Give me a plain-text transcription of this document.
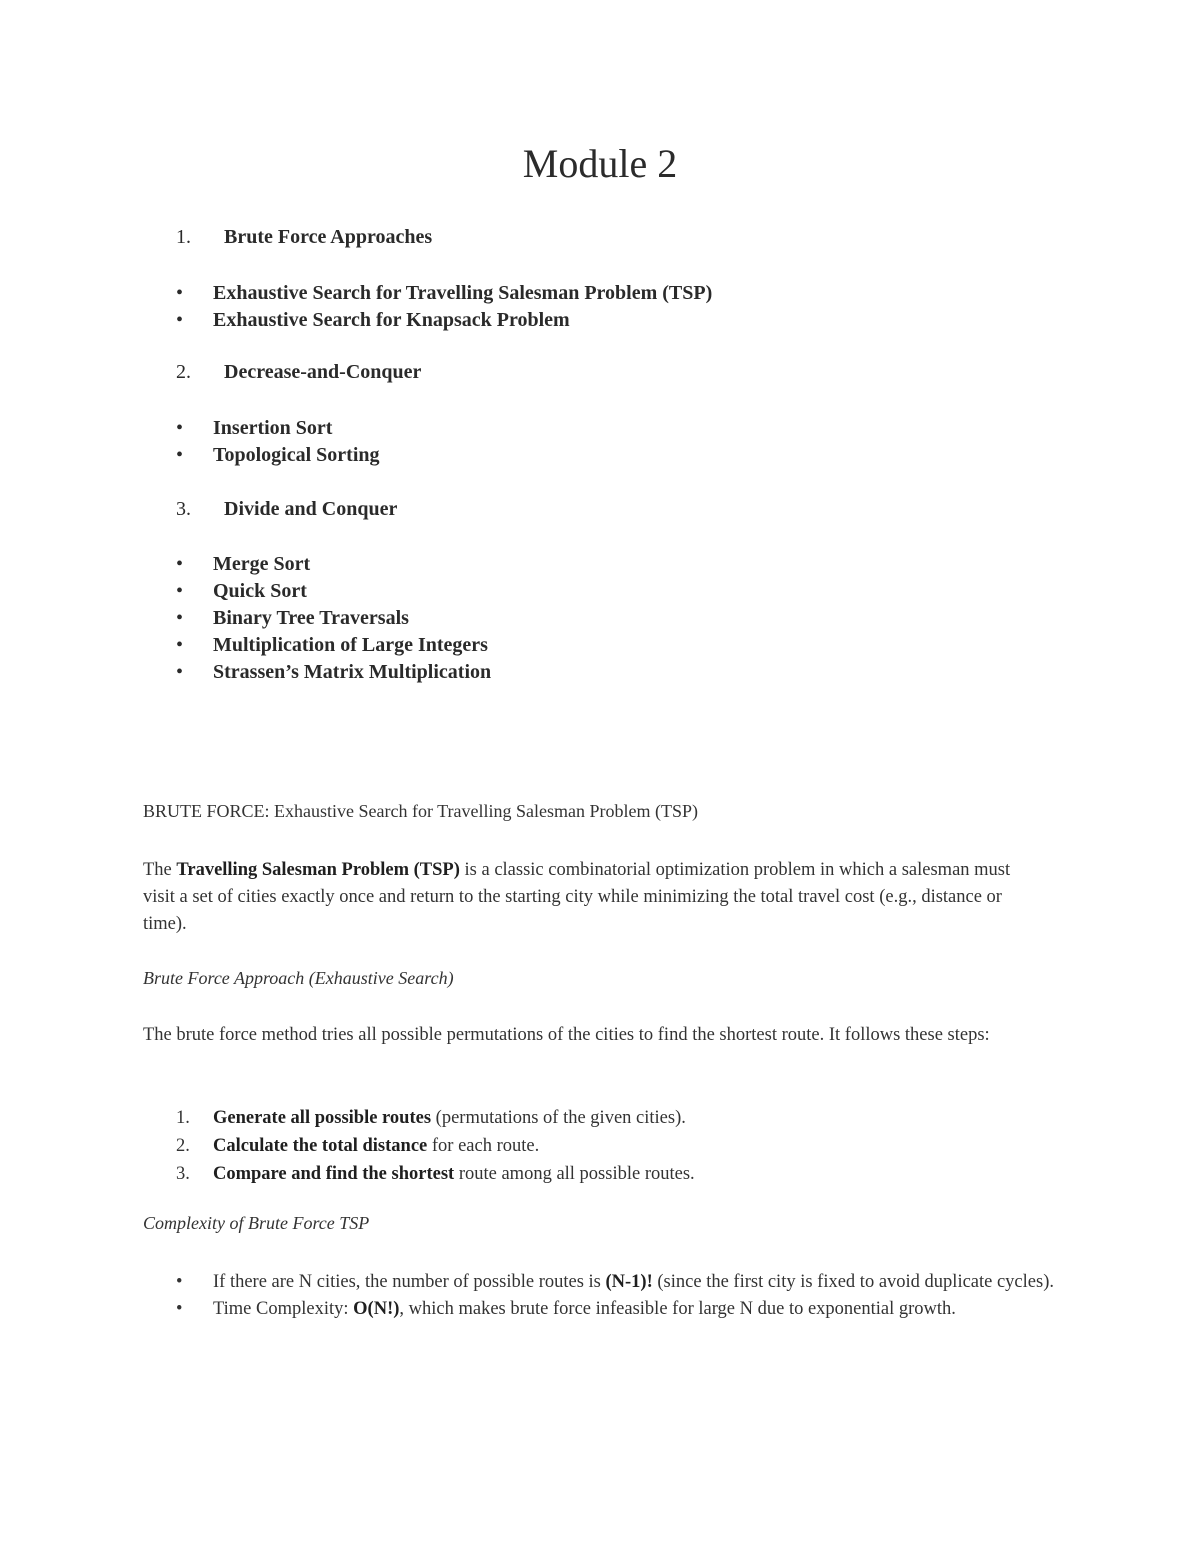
Module 2
1. Brute Force Approaches
• Exhaustive Search for Travelling Salesman Problem (TSP)
• Exhaustive Search for Knapsack Problem
2. Decrease-and-Conquer
• Insertion Sort
• Topological Sorting
3. Divide and Conquer
• Merge Sort
• Quick Sort
• Binary Tree Traversals
• Multiplication of Large Integers
• Strassen’s Matrix Multiplication

BRUTE FORCE: Exhaustive Search for Travelling Salesman Problem (TSP)

The Travelling Salesman Problem (TSP) is a classic combinatorial optimization problem in which a salesman must visit a set of cities exactly once and return to the starting city while minimizing the total travel cost (e.g., distance or time).

Brute Force Approach (Exhaustive Search)

The brute force method tries all possible permutations of the cities to find the shortest route. It follows these steps:

1. Generate all possible routes (permutations of the given cities).
2. Calculate the total distance for each route.
3. Compare and find the shortest route among all possible routes.

Complexity of Brute Force TSP

• If there are N cities, the number of possible routes is (N-1)! (since the first city is fixed to avoid duplicate cycles).
• Time Complexity: O(N!), which makes brute force infeasible for large N due to exponential growth.
